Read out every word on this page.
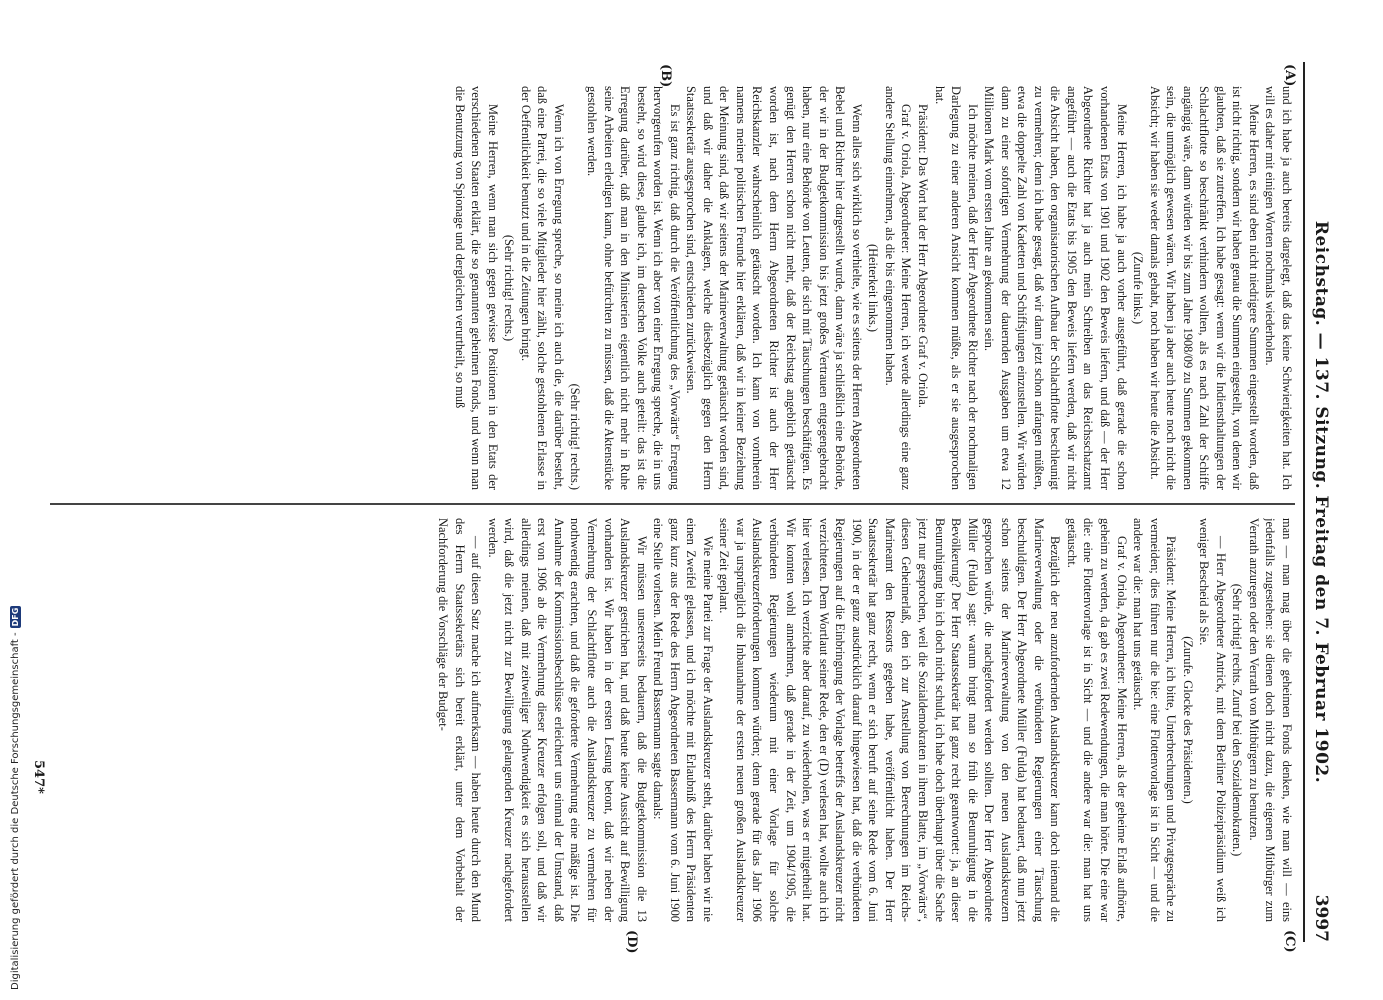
Reichstag. — 137. Sitzung. Freitag den 7. Februar 1902.
3997
(A)
(B)
(C)
(D)

und ich habe ja auch bereits dargelegt, daß das keine Schwierigkeiten hat. Ich will es daher mit einigen Worten nochmals wiederholen.

Meine Herren, es sind eben nicht niedrigere Summen eingestellt worden, daß ist nicht richtig, sondern wir haben genau die Summen eingestellt, von denen wir glaubten, daß sie zutreffen. Ich habe gesagt: wenn wir die Indiensthaltungen der Schlachtflotte so beschränkt verhindern wollten, als es nach Zahl der Schiffe angängig wäre, dann würden wir bis zum Jahre 1908/09 zu Summen gekommen sein, die unmöglich gewesen wären. Wir haben ja aber auch heute noch nicht die Absicht; wir haben sie weder damals gehabt, noch haben wir heute die Absicht.

(Zurufe links.)

Meine Herren, ich habe ja auch vorher ausgeführt, daß gerade die schon vorhandenen Etats von 1901 und 1902 den Beweis liefern, und daß — der Herr Abgeordnete Richter hat ja auch mein Schreiben an das Reichsschatzamt angeführt — auch die Etats bis 1905 den Beweis liefern werden, daß wir nicht die Absicht haben, den organisatorischen Aufbau der Schlachtflotte beschleunigt zu vermehren; denn ich habe gesagt, daß wir dann jetzt schon anfangen müßten, etwa die doppelte Zahl von Kadetten und Schiffsjungen einzustellen. Wir würden dann zu einer sofortigen Vermehrung der dauernden Ausgaben um etwa 12 Millionen Mark vom ersten Jahre an gekommen sein.

Ich möchte meinen, daß der Herr Abgeordnete Richter nach der nochmaligen Darlegung zu einer anderen Ansicht kommen müßte, als er sie ausgesprochen hat.

Präsident: Das Wort hat der Herr Abgeordnete Graf v. Oriola.

Graf v. Oriola, Abgeordneter: Meine Herren, ich werde allerdings eine ganz andere Stellung einnehmen, als die bis eingenommen haben.

(Heiterkeit links.)

Wenn alles sich wirklich so verhielte, wie es seitens der Herren Abgeordneten Bebel und Richter hier dargestellt wurde, dann wäre ja schließlich eine Behörde, der wir in der Budgetkommission bis jetzt großes Vertrauen entgegengebracht haben, nur eine Behörde von Leuten, die sich mit Täuschungen beschäftigen. Es genügt den Herren schon nicht mehr, daß der Reichstag angeblich getäuscht worden ist, nach dem Herrn Abgeordneten Richter ist auch der Herr Reichskanzler wahrscheinlich getäuscht worden. Ich kann von vornherein namens meiner politischen Freunde hier erklären, daß wir in keiner Beziehung der Meinung sind, daß wir seitens der Marineverwaltung getäuscht worden sind, und daß wir daher die Anklagen, welche diesbezüglich gegen den Herrn Staatssekretär ausgesprochen sind, entschieden zurückweisen.

Es ist ganz richtig, daß durch die Veröffentlichung des „Vorwärts“ Erregung hervorgerufen worden ist. Wenn ich aber von einer Erregung spreche, die in uns besteht, so wird diese, glaube ich, im deutschen Volke auch geteilt: das ist die Erregung darüber, daß man in den Ministerien eigentlich nicht mehr in Ruhe seine Arbeiten erledigen kann, ohne befürchten zu müssen, daß die Aktenstücke gestohlen werden.

(Sehr richtig! rechts.)

Wenn ich von Erregung spreche, so meine ich auch die, die darüber besteht, daß eine Partei, die so viele Mitglieder hier zählt, solche gestohlenen Erlasse in der Oeffentlichkeit benutzt und in die Zeitungen bringt.

(Sehr richtig! rechts.)

Meine Herren, wenn man sich gegen gewisse Positionen in den Etats der verschiedenen Staaten erklärt, die so genannten geheimen Fonds, und wenn man die Benutzung von Spionage und dergleichen verurtheilt, so muß

man — man mag über die geheimen Fonds denken, wie man will — eins jedenfalls zugestehen: sie dienen doch nicht dazu, die eigenen Mitbürger zum Verrath anzuregen oder den Verrath von Mitbürgern zu benutzen.

(Sehr richtig! rechts. Zuruf bei den Sozialdemokraten.)

— Herr Abgeordneter Antrick, mit dem Berliner Polizeipräsidium weiß ich weniger Bescheid als Sie.

(Zurufe. Glocke des Präsidenten.)

Präsident: Meine Herren, ich bitte, Unterbrechungen und Privatgespräche zu vermeiden; dies führen nur die bie: eine Flottenvorlage ist in Sicht — und die andere war die: man hat uns getäuscht.

Graf v. Oriola, Abgeordneter: Meine Herren, als der geheime Erlaß aufhörte, geheim zu werden, da gab es zwei Redewendungen, die man hörte. Die eine war die: eine Flottenvorlage ist in Sicht — und die andere war die: man hat uns getäuscht.

Bezüglich der neu anzufordernden Auslandskreuzer kann doch niemand die Marineverwaltung oder die verbündeten Regierungen einer Täuschung beschuldigen. Der Herr Abgeordnete Müller (Fulda) hat bedauert, daß nun jetzt schon seitens der Marineverwaltung von den neuen Auslandskreuzern gesprochen würde, die nachgefordert werden sollten. Der Herr Abgeordnete Müller (Fulda) sagt: warum bringt man so früh die Beunruhigung in die Bevölkerung? Der Herr Staatssekretär hat ganz recht geantwortet: ja, an dieser Beunruhigung bin ich doch nicht schuld, ich habe doch überhaupt über die Sache jetzt nur gesprochen, weil die Sozialdemokraten in ihrem Blatte, im „Vorwärts“, diesen Geheimerlaß, den ich zur Anstellung von Berechnungen im Reichs-Marineamt den Ressorts gegeben habe, veröffentlicht haben. Der Herr Staatssekretär hat ganz recht, wenn er sich beruft auf seine Rede vom 6. Juni 1900, in der er ganz ausdrücklich darauf hingewiesen hat, daß die verbündeten Regierungen auf die Einbringung der Vorlage betreffs der Auslandskreuzer nicht verzichteten. Dem Wortlaut seiner Rede, den er (D) verlesen hat, wollte auch ich hier verlesen. Ich verzichte aber darauf, zu wiederholen, was er mitgetheilt hat. Wir konnten wohl annehmen, daß gerade in der Zeit, um 1904/1905, die verbündeten Regierungen wiederum mit einer Vorlage für solche Auslandskreuzerforderungen kommen würden; denn gerade für das Jahr 1906 war ja ursprünglich die Inbaunahme der ersten neuen großen Auslandskreuzer seiner Zeit geplant.

Wie meine Partei zur Frage der Auslandskreuzer steht, darüber haben wir nie einen Zweifel gelassen, und ich möchte mit Erlaubniß des Herrn Präsidenten ganz kurz aus der Rede des Herrn Abgeordneten Bassermann vom 6. Juni 1900 eine Stelle vorlesen. Mein Freund Bassermann sagte damals:

Wir müssen unsererseits bedauern, daß die Budgetkommission die 13 Auslandskreuzer gestrichen hat, und daß heute keine Aussicht auf Bewilligung vorhanden ist. Wir haben in der ersten Lesung betont, daß wir neben der Vermehrung der Schlachtflotte auch die Auslandskreuzer zu vermehren für nothwendig erachten, und daß die geforderte Vermehrung eine mäßige ist. Die Annahme der Kommissionsbeschlüsse erleichtert uns einmal der Umstand, daß erst von 1906 ab die Vermehrung dieser Kreuzer erfolgen soll, und daß wir allerdings meinen, daß mit zeitweiliger Nothwendigkeit es sich herausstellen wird, daß die jetzt nicht zur Bewilligung gelangenden Kreuzer nachgefordert werden.

— auf diesen Satz mache ich aufmerksam — haben heute durch den Mund des Herrn Staatssekretärs sich bereit erklärt, unter dem Vorbehalt der Nachforderung die Vorschläge der Budget-

547*
Digitalisierung gefördert durch die Deutsche Forschungsgemeinschaft -
DFG
